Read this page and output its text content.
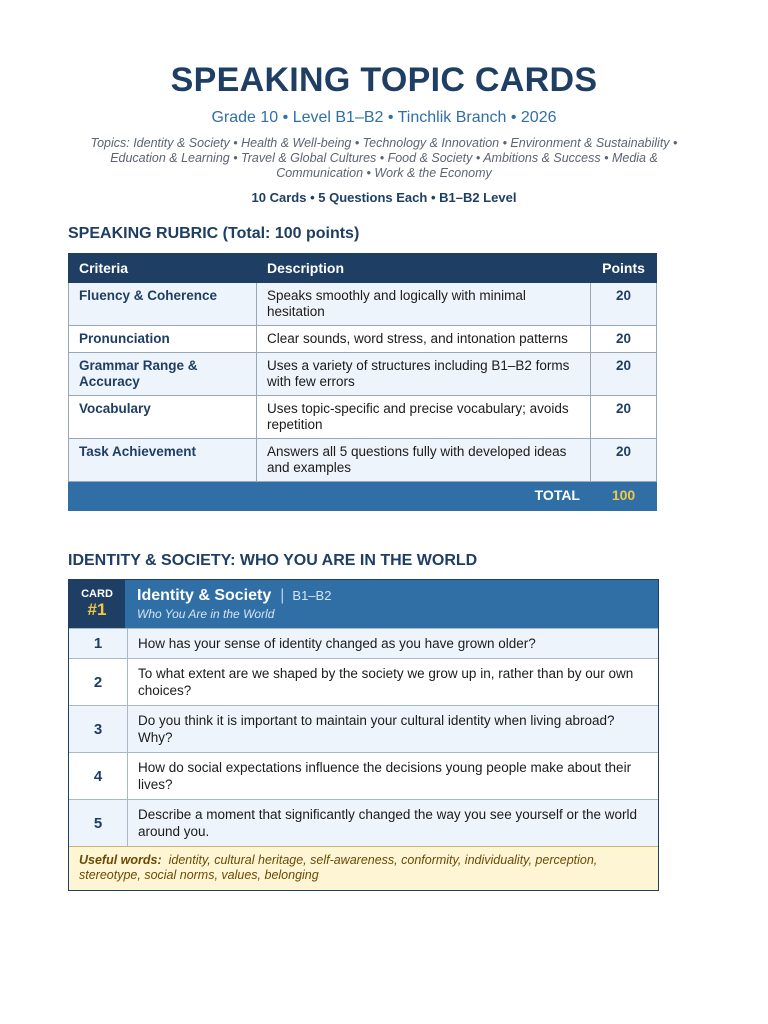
SPEAKING TOPIC CARDS
Grade 10 • Level B1–B2 • Tinchlik Branch • 2026
Topics: Identity & Society • Health & Well-being • Technology & Innovation • Environment & Sustainability • Education & Learning • Travel & Global Cultures • Food & Society • Ambitions & Success • Media & Communication • Work & the Economy
10 Cards • 5 Questions Each • B1–B2 Level
SPEAKING RUBRIC (Total: 100 points)
Criteria	Description	Points
Fluency & Coherence	Speaks smoothly and logically with minimal hesitation	20
Pronunciation	Clear sounds, word stress, and intonation patterns	20
Grammar Range & Accuracy	Uses a variety of structures including B1–B2 forms with few errors	20
Vocabulary	Uses topic-specific and precise vocabulary; avoids repetition	20
Task Achievement	Answers all 5 questions fully with developed ideas and examples	20
TOTAL		100
IDENTITY & SOCIETY: WHO YOU ARE IN THE WORLD
CARD
#1
Identity & Society | B1–B2
Who You Are in the World
1	How has your sense of identity changed as you have grown older?
2	To what extent are we shaped by the society we grow up in, rather than by our own choices?
3	Do you think it is important to maintain your cultural identity when living abroad? Why?
4	How do social expectations influence the decisions young people make about their lives?
5	Describe a moment that significantly changed the way you see yourself or the world around you.
Useful words: identity, cultural heritage, self-awareness, conformity, individuality, perception, stereotype, social norms, values, belonging
